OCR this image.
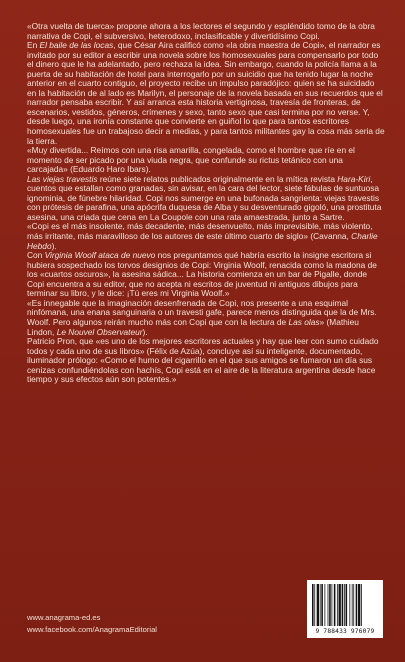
«Otra vuelta de tuerca» propone ahora a los lectores el segundo y espléndido tomo de la obra narrativa de Copi, el subversivo, heterodoxo, inclasificable y divertidísimo Copi.

En El baile de las locas, que César Aira calificó como «la obra maestra de Copi», el narrador es invitado por su editor a escribir una novela sobre los homosexuales para compensarlo por todo el dinero que le ha adelantado, pero rechaza la idea. Sin embargo, cuando la policía llama a la puerta de su habitación de hotel para interrogarlo por un suicidio que ha tenido lugar la noche anterior en el cuarto contiguo, el proyecto recibe un impulso paradójico: quien se ha suicidado en la habitación de al lado es Marilyn, el personaje de la novela basada en sus recuerdos que el narrador pensaba escribir. Y así arranca esta historia vertiginosa, travesía de fronteras, de escenarios, vestidos, géneros, crímenes y sexo, tanto sexo que casi termina por no verse. Y, desde luego, una ironía constante que convierte en guiñol lo que para tantos escritores homosexuales fue un trabajoso decir a medias, y para tantos militantes gay la cosa más seria de la tierra.

«Muy divertida... Reímos con una risa amarilla, congelada, como el hombre que ríe en el momento de ser picado por una viuda negra, que confunde su rictus tetánico con una carcajada» (Eduardo Haro Ibars).

Las viejas travestis reúne siete relatos publicados originalmente en la mítica revista Hara-Kiri, cuentos que estallan como granadas, sin avisar, en la cara del lector, siete fábulas de suntuosa ignominia, de fúnebre hilaridad. Copi nos sumerge en una bufonada sangrienta: viejas travestis con prótesis de parafina, una apócrifa duquesa de Alba y su desventurado gigoló, una prostituta asesina, una criada que cena en La Coupole con una rata amaestrada, junto a Sartre.

«Copi es el más insolente, más decadente, más desenvuelto, más imprevisible, más violento, más irritante, más maravilloso de los autores de este último cuarto de siglo» (Cavanna, Charlie Hebdo).

Con Virginia Woolf ataca de nuevo nos preguntamos qué habría escrito la insigne escritora si hubiera sospechado los torvos designios de Copi: Virginia Woolf, renacida como la madona de los «cuartos oscuros», la asesina sádica... La historia comienza en un bar de Pigalle, donde Copi encuentra a su editor, que no acepta ni escritos de juventud ni antiguos dibujos para terminar su libro, y le dice: ¡Tú eres mi Virginia Woolf.»

«Es innegable que la imaginación desenfrenada de Copi, nos presente a una esquimal ninfómana, una enana sanguinaria o un travesti gafe, parece menos distinguida que la de Mrs. Woolf. Pero algunos reirán mucho más con Copi que con la lectura de Las olas» (Mathieu Lindon, Le Nouvel Observateur).

Patricio Pron, que «es uno de los mejores escritores actuales y hay que leer con sumo cuidado todos y cada uno de sus libros» (Félix de Azúa), concluye así su inteligente, documentado, iluminador prólogo: «Como el humo del cigarrillo en el que sus amigos se fumaron un día sus cenizas confundiéndolas con hachís, Copi está en el aire de la literatura argentina desde hace tiempo y sus efectos aún son potentes.»

www.anagrama-ed.es
www.facebook.com/AnagramaEditorial	9 788433 976079
